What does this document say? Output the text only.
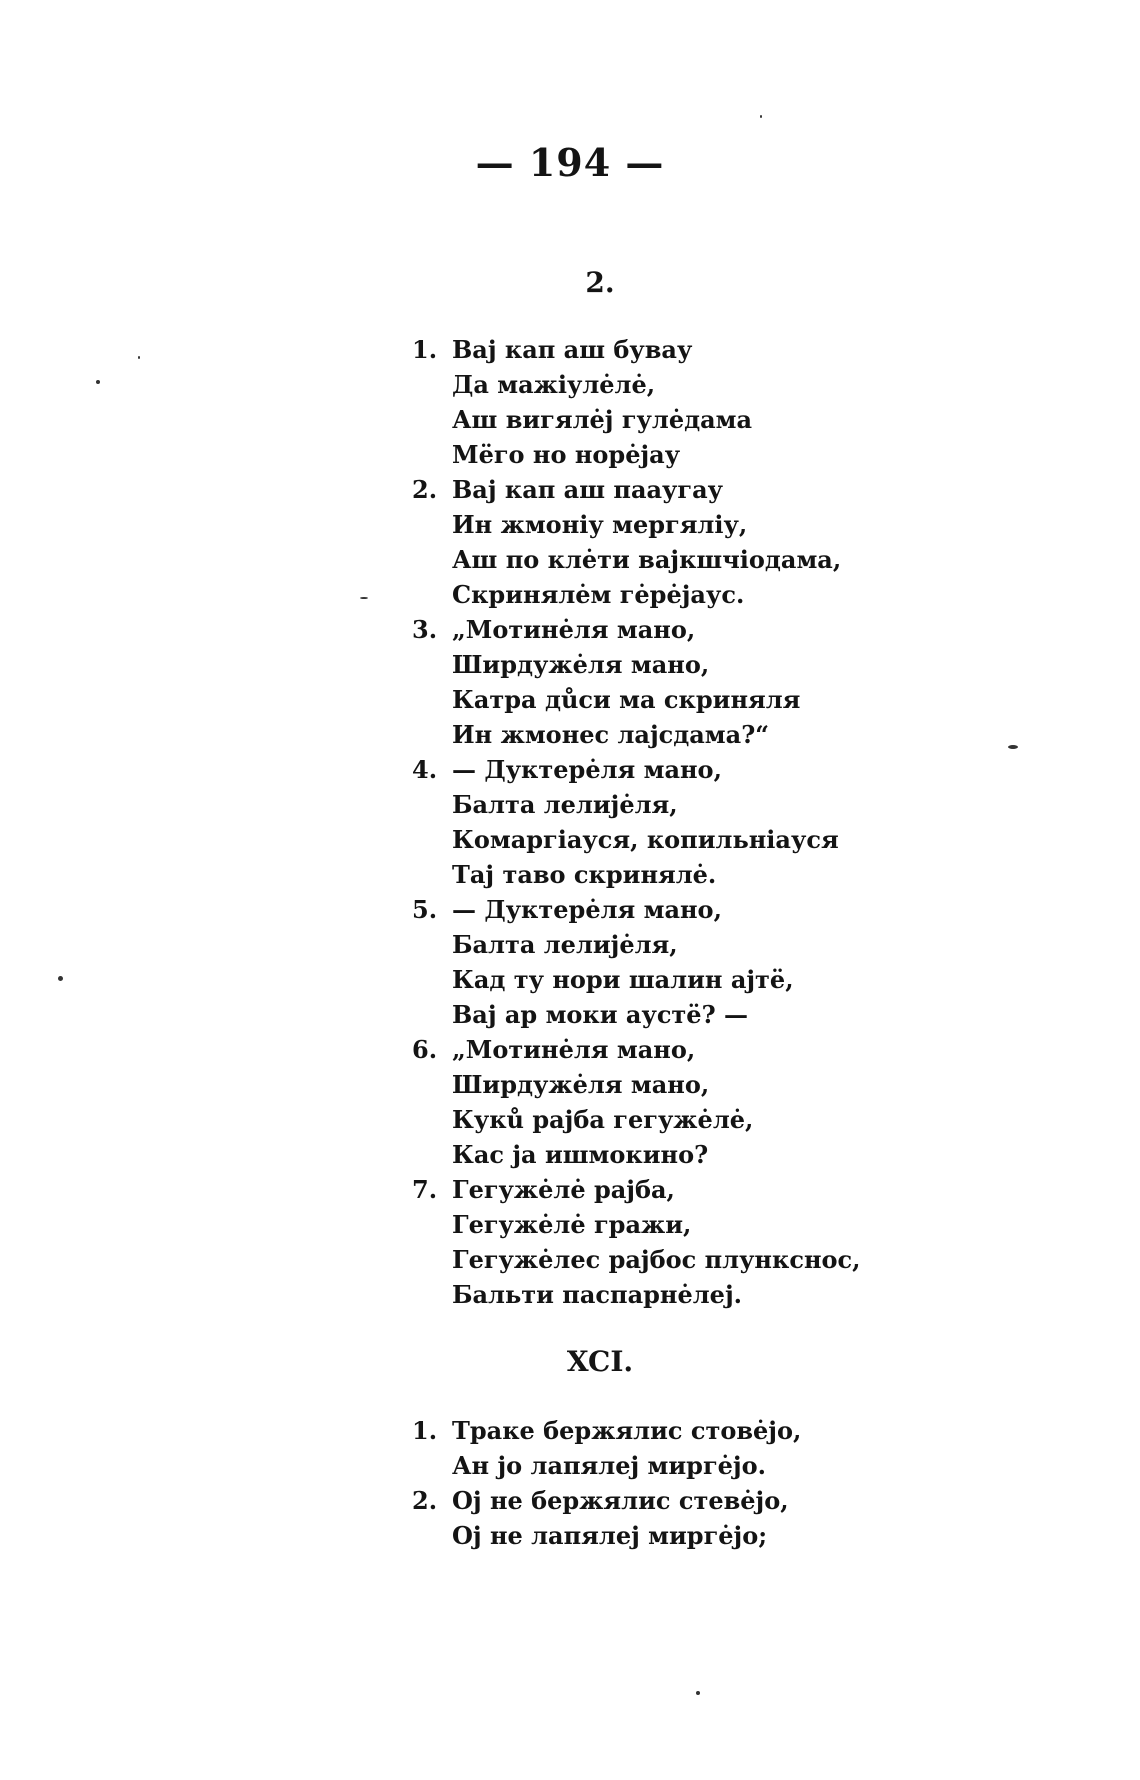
— 194 —
2.
1. Вај кап аш бувау
Да мажіулėлė,
Аш вигялėј гулėдама
Мёго но норėјау
2. Вај кап аш пааугау
Ин жмоніу мергяліу,
Аш по клėти вајкшчіодама,
Скринялėм гėрėјаус.
3. „Мотинėля мано,
Ширдужėля мано,
Катра дůси ма скриняля
Ин жмонес лајсдама?“
4. — Дуктерėля мано,
Балта лелијėля,
Комаргіауся, копильніауся
Тај таво скринялė.
5. — Дуктерėля мано,
Балта лелијėля,
Кад ту нори шалин ајтё,
Вај ар моки аустё? —
6. „Мотинėля мано,
Ширдужėля мано,
Кукů рајба гегужėлė,
Кас ја ишмокино?
7. Гегужėлė рајба,
Гегужėлė гражи,
Гегужėлес рајбос плункснос,
Бальти паспарнėлеј.
XCI.
1. Траке бержялис стовėјо,
Ан јо лапялеј миргėјо.
2. Ој не бержялис стевėјо,
Ој не лапялеј миргėјо;
